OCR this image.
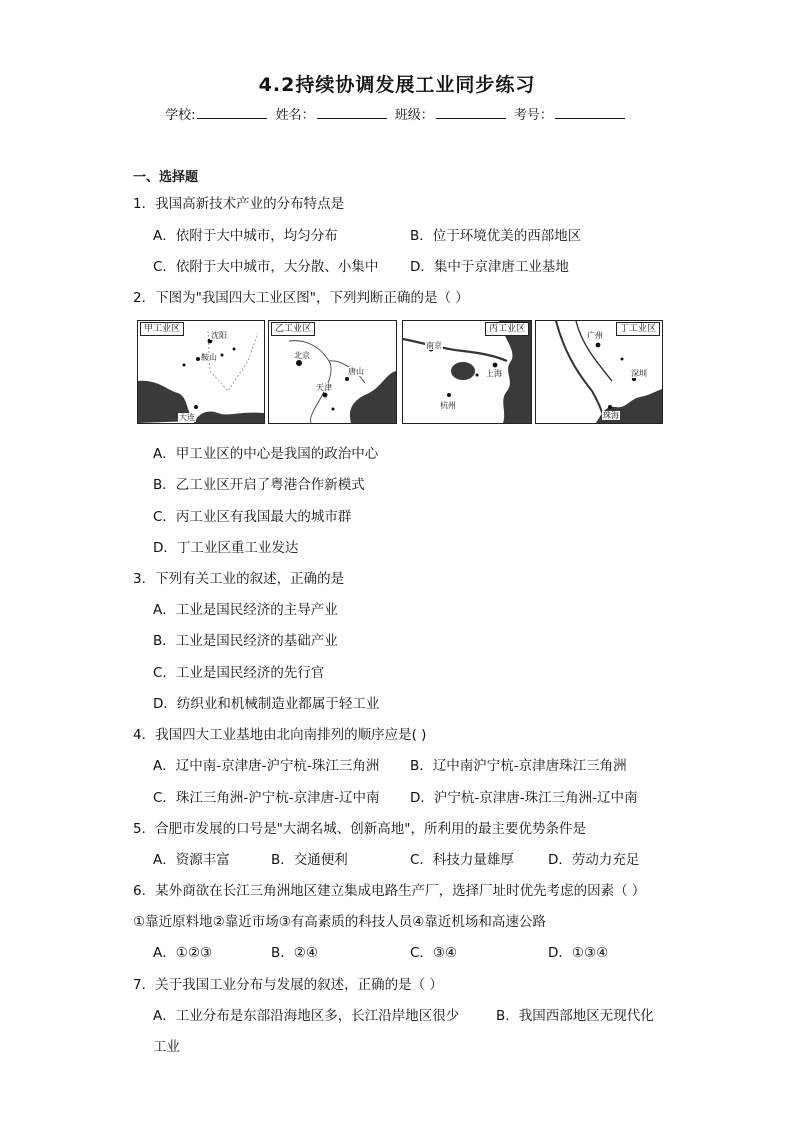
4.2持续协调发展工业同步练习
学校:	姓名：	班级：	考号：
一、选择题
1．我国高新技术产业的分布特点是
A．依附于大中城市，均匀分布	B．位于环境优美的西部地区
C．依附于大中城市，大分散、小集中 D．集中于京津唐工业基地
2．下图为"我国四大工业区图"，下列判断正确的是（ ）
甲工业区
沈阳
鞍山
大连
乙工业区
北京
天津
唐山
丙工业区
南京
上海
杭州
丁工业区
广州
深圳
珠海
A．甲工业区的中心是我国的政治中心
B．乙工业区开启了粤港合作新模式
C．丙工业区有我国最大的城市群
D．丁工业区重工业发达
3．下列有关工业的叙述，正确的是
A．工业是国民经济的主导产业
B．工业是国民经济的基础产业
C．工业是国民经济的先行官
D．纺织业和机械制造业都属于轻工业
4．我国四大工业基地由北向南排列的顺序应是( )
A．辽中南-京津唐-沪宁杭-珠江三角洲 B．辽中南沪宁杭-京津唐珠江三角洲
C．珠江三角洲-沪宁杭-京津唐-辽中南 D．沪宁杭-京津唐-珠江三角洲-辽中南
5．合肥市发展的口号是"大湖名城、创新高地"，所利用的最主要优势条件是
A．资源丰富	B．交通便利	C．科技力量雄厚	D．劳动力充足
6．某外商欲在长江三角洲地区建立集成电路生产厂，选择厂址时优先考虑的因素（ ）
①靠近原料地②靠近市场③有高素质的科技人员④靠近机场和高速公路
A．①②③	B．②④	C．③④	D．①③④
7．关于我国工业分布与发展的叙述，正确的是（ ）
A．工业分布是东部沿海地区多，长江沿岸地区很少	B．我国西部地区无现代化
工业
